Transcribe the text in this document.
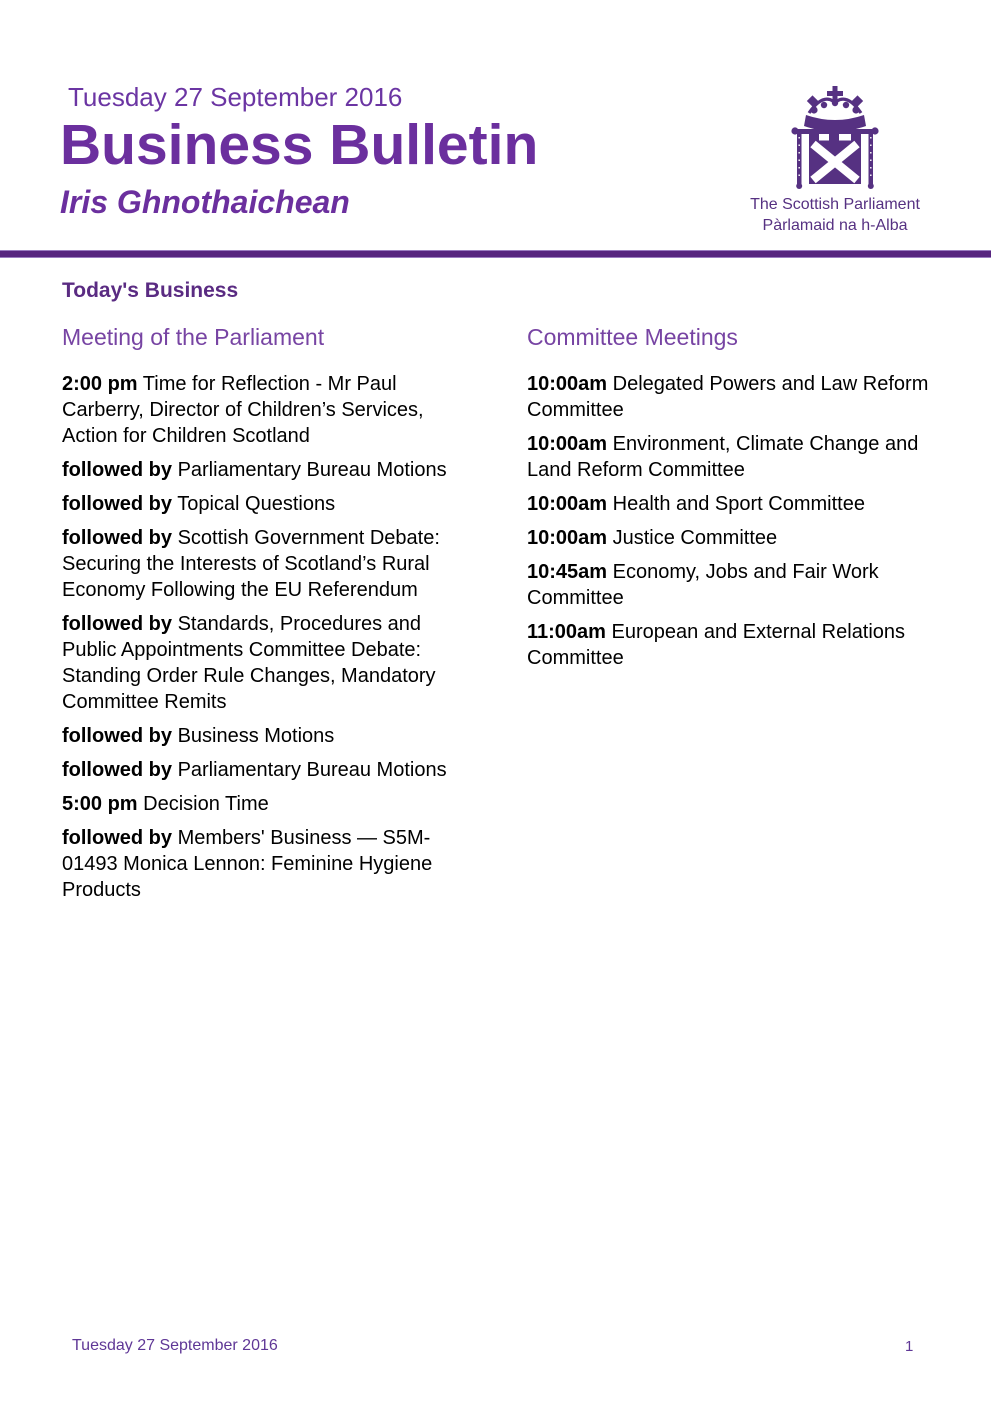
Tuesday 27 September 2016
Business Bulletin
Iris Ghnothaichean	The Scottish Parliament
Pàrlamaid na h-Alba
Today's Business
Meeting of the Parliament

2:00 pm Time for Reflection - Mr Paul Carberry, Director of Children’s Services, Action for Children Scotland

followed by Parliamentary Bureau Motions

followed by Topical Questions

followed by Scottish Government Debate: Securing the Interests of Scotland’s Rural Economy Following the EU Referendum

followed by Standards, Procedures and Public Appointments Committee Debate: Standing Order Rule Changes, Mandatory Committee Remits

followed by Business Motions

followed by Parliamentary Bureau Motions

5:00 pm Decision Time

followed by Members' Business — S5M-01493 Monica Lennon: Feminine Hygiene Products

Committee Meetings

10:00am Delegated Powers and Law Reform Committee

10:00am Environment, Climate Change and Land Reform Committee

10:00am Health and Sport Committee

10:00am Justice Committee

10:45am Economy, Jobs and Fair Work Committee

11:00am European and External Relations Committee

Tuesday 27 September 2016	1
